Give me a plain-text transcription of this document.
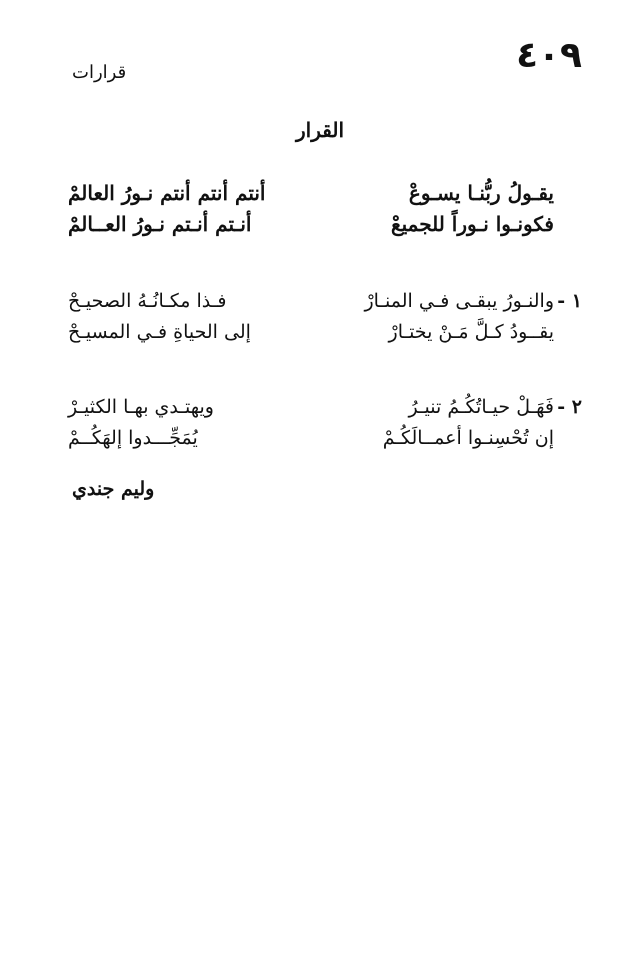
٤٠٩
قرارات
القرار
يقـولُ ربُّنـا يسـوعْ
أنتم أنتم أنتم نـورُ العالمْ
فكونـوا نـوراً للجميعْ
أنـتم أنـتم نـورُ العــالمْ
١ -
والنـورُ يبقـى فـي المنـارْ
فـذا مكـانُـهُ الصحيـحْ
يقــودُ كـلَّ مَـنْ يختـارْ
إلى الحياةِ فـي المسيـحْ
٢ -
فَهَـلْ حيـاتُكُـمُ تنيـرُ
ويهتـدي بهـا الكثيـرْ
إن تُحْسِنـوا أعمــالَكُـمْ
يُمَجِّـــدوا إلهَكُــمْ
وليم جندي
